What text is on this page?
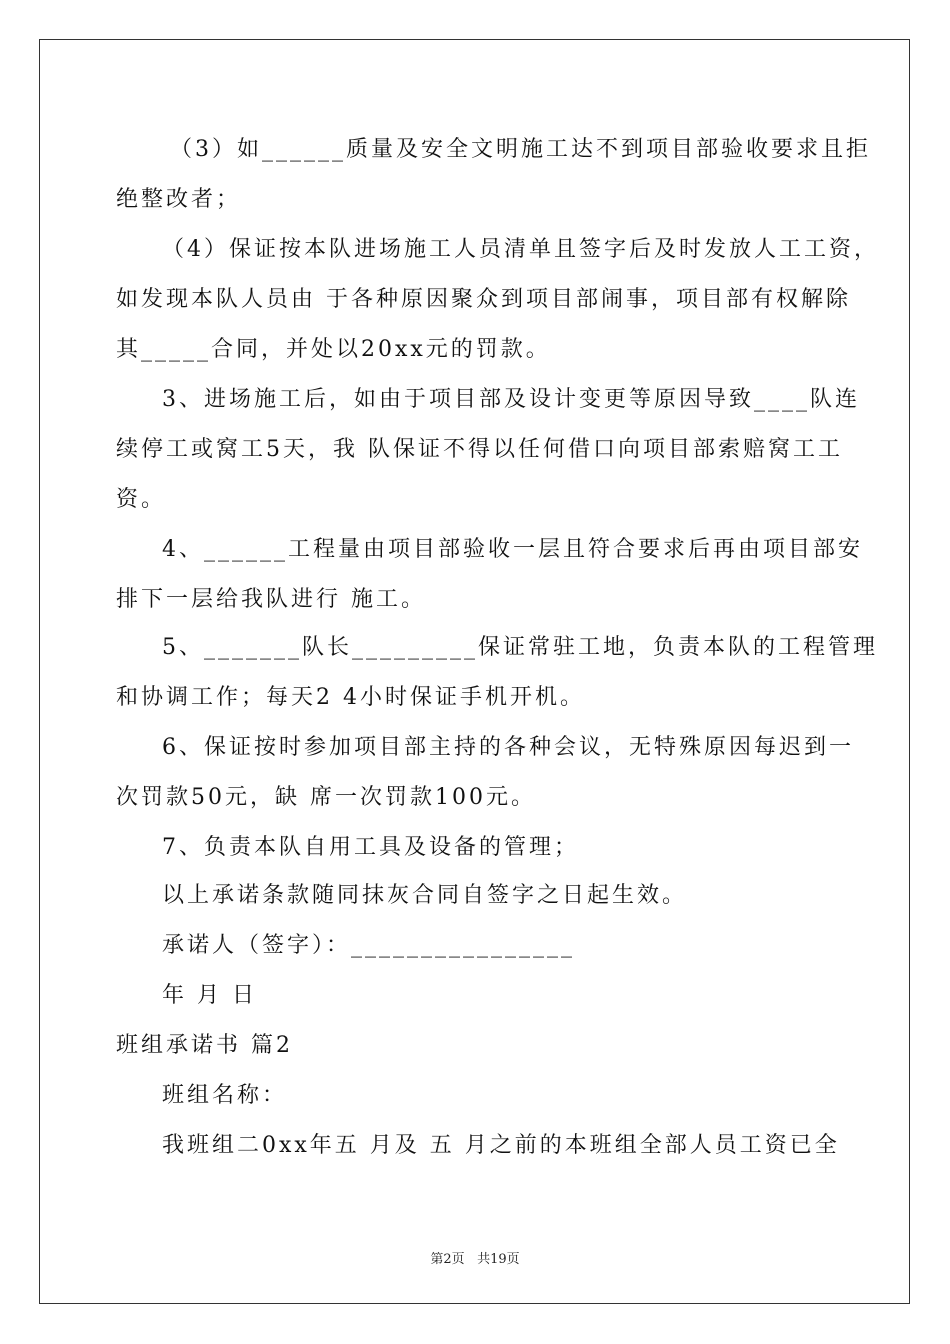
（3）如______质量及安全文明施工达不到项目部验收要求且拒
绝整改者；
（4）保证按本队进场施工人员清单且签字后及时发放人工工资，
如发现本队人员由 于各种原因聚众到项目部闹事，项目部有权解除
其_____合同，并处以20xx元的罚款。
3、进场施工后，如由于项目部及设计变更等原因导致____队连
续停工或窝工5天，我 队保证不得以任何借口向项目部索赔窝工工
资。
4、______工程量由项目部验收一层且符合要求后再由项目部安
排下一层给我队进行 施工。
5、_______队长_________保证常驻工地，负责本队的工程管理
和协调工作；每天2 4小时保证手机开机。
6、保证按时参加项目部主持的各种会议，无特殊原因每迟到一
次罚款50元，缺 席一次罚款100元。
7、负责本队自用工具及设备的管理；
以上承诺条款随同抹灰合同自签字之日起生效。
承诺人（签字）：________________
年 月 日
班组承诺书 篇2
班组名称：
我班组二0xx年五 月及 五 月之前的本班组全部人员工资已全
第2页 共19页
